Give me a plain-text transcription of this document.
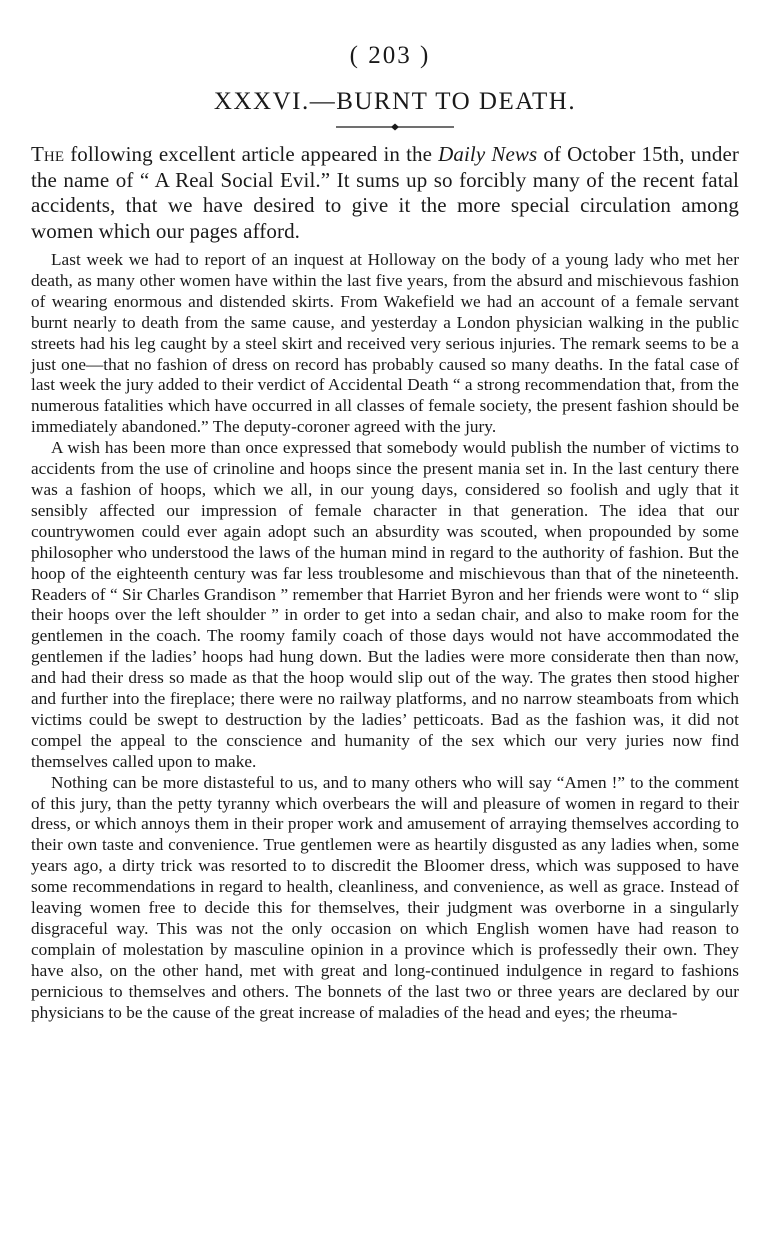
( 203 )
XXXVI.—BURNT TO DEATH.

The following excellent article appeared in the Daily News of October 15th, under the name of “ A Real Social Evil.” It sums up so forcibly many of the recent fatal accidents, that we have desired to give it the more special circulation among women which our pages afford.

Last week we had to report of an inquest at Holloway on the body of a young lady who met her death, as many other women have within the last five years, from the absurd and mischievous fashion of wearing enormous and distended skirts. From Wakefield we had an account of a female servant burnt nearly to death from the same cause, and yesterday a London physician walking in the public streets had his leg caught by a steel skirt and received very serious injuries. The remark seems to be a just one—that no fashion of dress on record has probably caused so many deaths. In the fatal case of last week the jury added to their verdict of Accidental Death “ a strong recommendation that, from the numerous fatalities which have occurred in all classes of female society, the present fashion should be immediately abandoned.” The deputy-coroner agreed with the jury.

A wish has been more than once expressed that somebody would publish the number of victims to accidents from the use of crinoline and hoops since the present mania set in. In the last century there was a fashion of hoops, which we all, in our young days, considered so foolish and ugly that it sensibly affected our impression of female character in that generation. The idea that our countrywomen could ever again adopt such an absurdity was scouted, when propounded by some philosopher who understood the laws of the human mind in regard to the authority of fashion. But the hoop of the eighteenth century was far less troublesome and mischievous than that of the nineteenth. Readers of “ Sir Charles Grandison ” remember that Harriet Byron and her friends were wont to “ slip their hoops over the left shoulder ” in order to get into a sedan chair, and also to make room for the gentlemen in the coach. The roomy family coach of those days would not have accommodated the gentlemen if the ladies’ hoops had hung down. But the ladies were more considerate then than now, and had their dress so made as that the hoop would slip out of the way. The grates then stood higher and further into the fireplace; there were no railway platforms, and no narrow steamboats from which victims could be swept to destruction by the ladies’ petticoats. Bad as the fashion was, it did not compel the appeal to the conscience and humanity of the sex which our very juries now find themselves called upon to make.

Nothing can be more distasteful to us, and to many others who will say “Amen !” to the comment of this jury, than the petty tyranny which overbears the will and pleasure of women in regard to their dress, or which annoys them in their proper work and amusement of arraying themselves according to their own taste and convenience. True gentlemen were as heartily disgusted as any ladies when, some years ago, a dirty trick was resorted to to discredit the Bloomer dress, which was supposed to have some recommendations in regard to health, cleanliness, and convenience, as well as grace. Instead of leaving women free to decide this for themselves, their judgment was overborne in a singularly disgraceful way. This was not the only occasion on which English women have had reason to complain of molestation by masculine opinion in a province which is professedly their own. They have also, on the other hand, met with great and long-continued indulgence in regard to fashions pernicious to themselves and others. The bonnets of the last two or three years are declared by our physicians to be the cause of the great increase of maladies of the head and eyes; the rheuma-
